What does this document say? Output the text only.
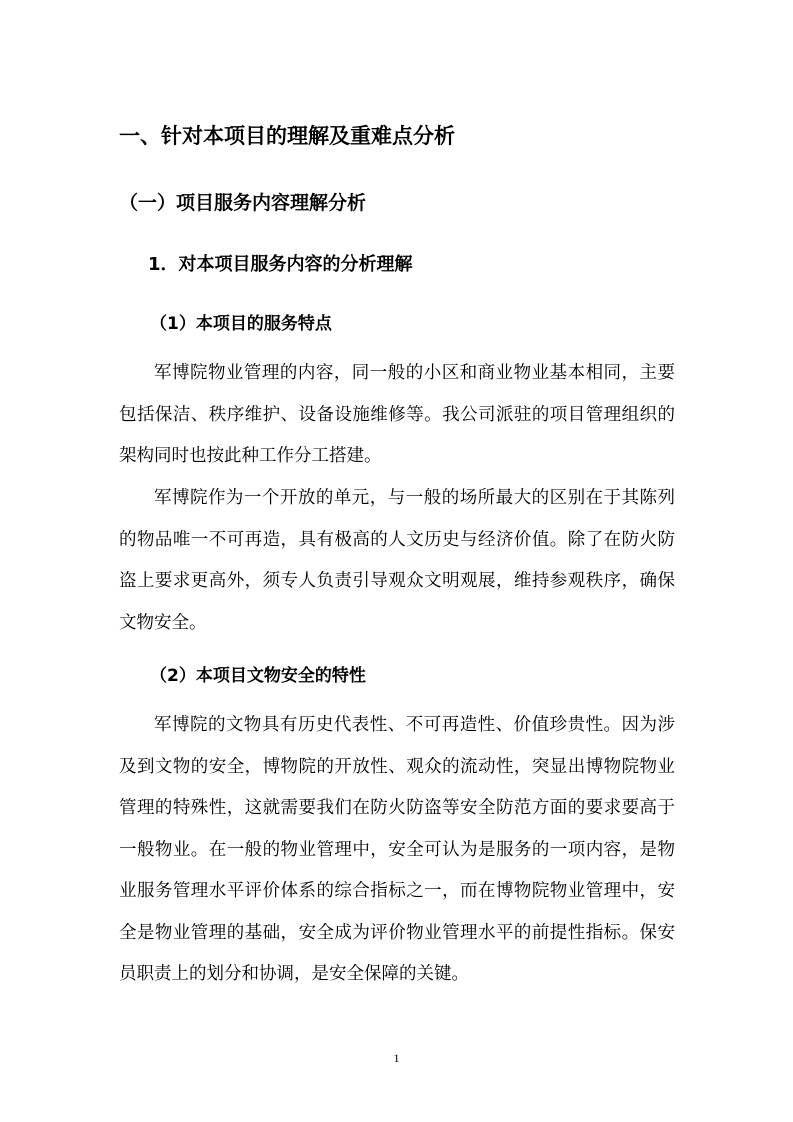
一、针对本项目的理解及重难点分析
（一）项目服务内容理解分析
1．对本项目服务内容的分析理解
（1）本项目的服务特点

军博院物业管理的内容，同一般的小区和商业物业基本相同，主要包括保洁、秩序维护、设备设施维修等。我公司派驻的项目管理组织的架构同时也按此种工作分工搭建。

军博院作为一个开放的单元，与一般的场所最大的区别在于其陈列的物品唯一不可再造，具有极高的人文历史与经济价值。除了在防火防盗上要求更高外，须专人负责引导观众文明观展，维持参观秩序，确保文物安全。

（2）本项目文物安全的特性

军博院的文物具有历史代表性、不可再造性、价值珍贵性。因为涉及到文物的安全，博物院的开放性、观众的流动性，突显出博物院物业管理的特殊性，这就需要我们在防火防盗等安全防范方面的要求要高于一般物业。在一般的物业管理中，安全可认为是服务的一项内容，是物业服务管理水平评价体系的综合指标之一，而在博物院物业管理中，安全是物业管理的基础，安全成为评价物业管理水平的前提性指标。保安员职责上的划分和协调，是安全保障的关键。

1
